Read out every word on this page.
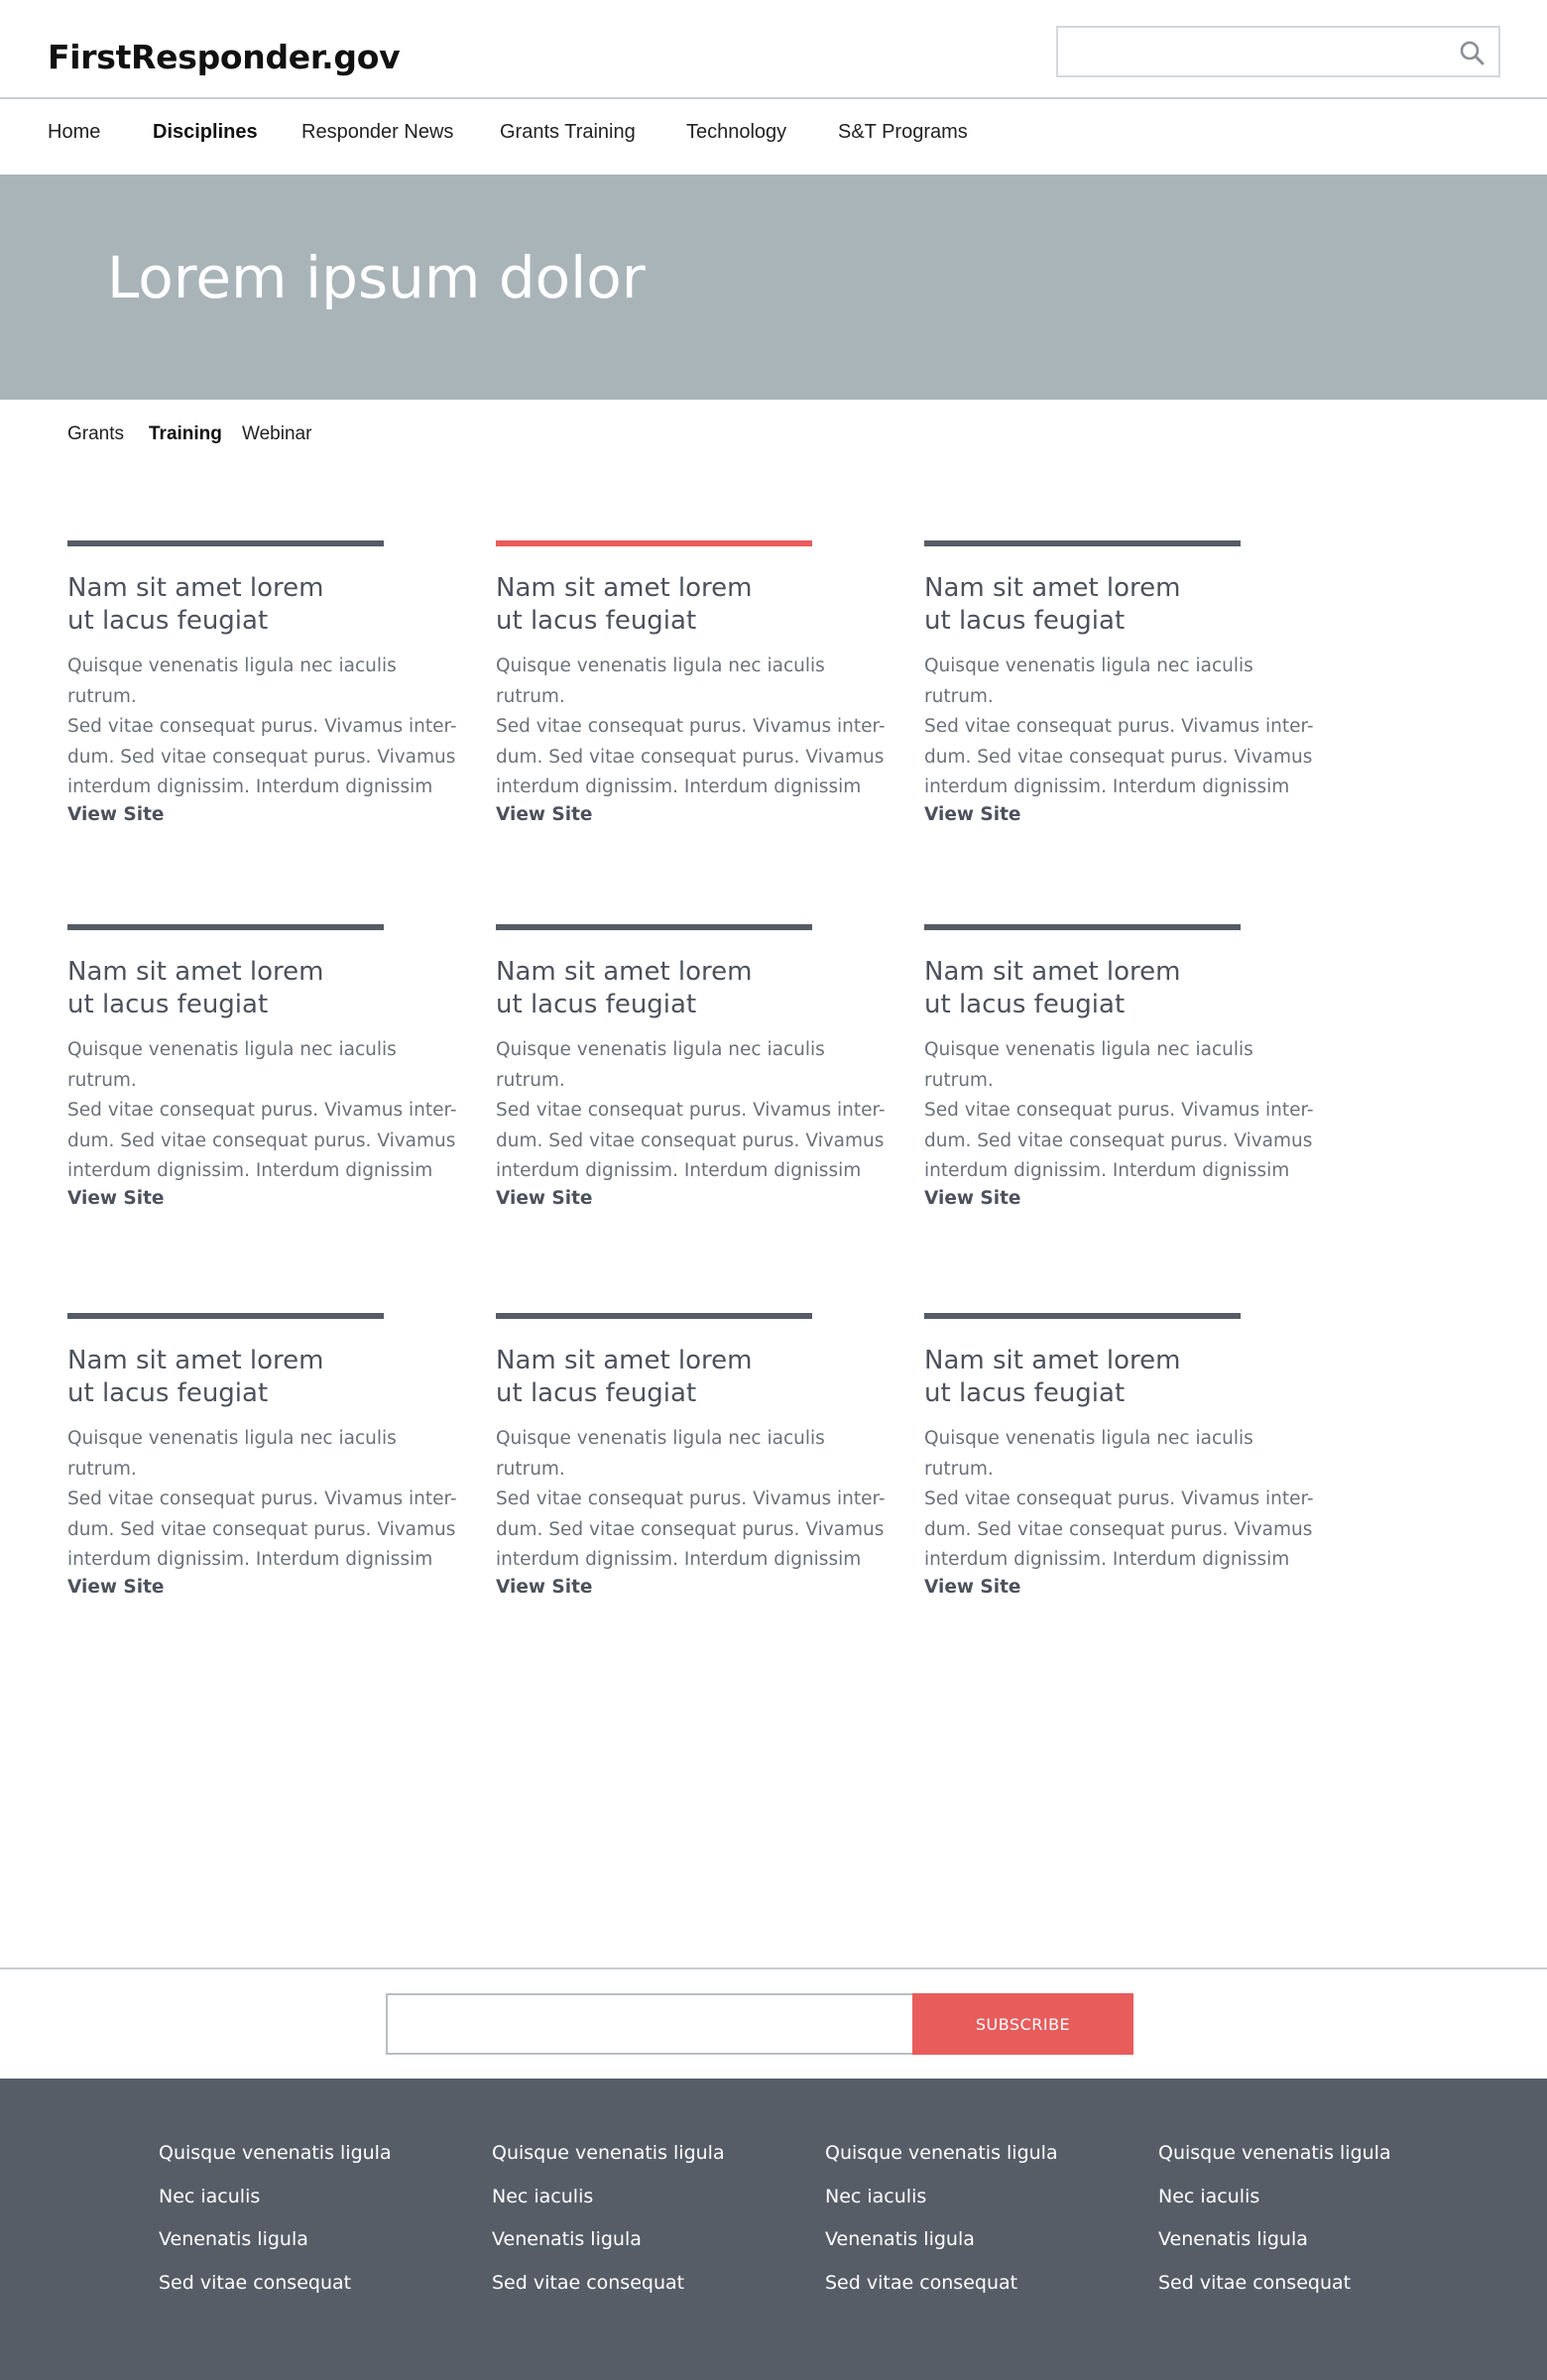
FirstResponder.gov
Home	Disciplines Responder News Grants Training	Technology	S&T Programs
Lorem ipsum dolor
Grants Training Webinar
Nam sit amet lorem
ut lacus feugiat
Quisque venenatis ligula nec iaculis rutrum.
Sed vitae consequat purus. Vivamus inter-
dum. Sed vitae consequat purus. Vivamus
interdum dignissim. Interdum dignissim
View Site
Nam sit amet lorem
ut lacus feugiat
Quisque venenatis ligula nec iaculis rutrum.
Sed vitae consequat purus. Vivamus inter-
dum. Sed vitae consequat purus. Vivamus
interdum dignissim. Interdum dignissim
View Site
Nam sit amet lorem
ut lacus feugiat
Quisque venenatis ligula nec iaculis rutrum.
Sed vitae consequat purus. Vivamus inter-
dum. Sed vitae consequat purus. Vivamus
interdum dignissim. Interdum dignissim
View Site
Nam sit amet lorem
ut lacus feugiat
Quisque venenatis ligula nec iaculis rutrum.
Sed vitae consequat purus. Vivamus inter-
dum. Sed vitae consequat purus. Vivamus
interdum dignissim. Interdum dignissim
View Site
Nam sit amet lorem
ut lacus feugiat
Quisque venenatis ligula nec iaculis rutrum.
Sed vitae consequat purus. Vivamus inter-
dum. Sed vitae consequat purus. Vivamus
interdum dignissim. Interdum dignissim
View Site
Nam sit amet lorem
ut lacus feugiat
Quisque venenatis ligula nec iaculis rutrum.
Sed vitae consequat purus. Vivamus inter-
dum. Sed vitae consequat purus. Vivamus
interdum dignissim. Interdum dignissim
View Site
Nam sit amet lorem
ut lacus feugiat
Quisque venenatis ligula nec iaculis rutrum.
Sed vitae consequat purus. Vivamus inter-
dum. Sed vitae consequat purus. Vivamus
interdum dignissim. Interdum dignissim
View Site
Nam sit amet lorem
ut lacus feugiat
Quisque venenatis ligula nec iaculis rutrum.
Sed vitae consequat purus. Vivamus inter-
dum. Sed vitae consequat purus. Vivamus
interdum dignissim. Interdum dignissim
View Site
Nam sit amet lorem
ut lacus feugiat
Quisque venenatis ligula nec iaculis rutrum.
Sed vitae consequat purus. Vivamus inter-
dum. Sed vitae consequat purus. Vivamus
interdum dignissim. Interdum dignissim
View Site
SUBSCRIBE
Quisque venenatis ligula
Nec iaculis
Venenatis ligula
Sed vitae consequat
Quisque venenatis ligula
Nec iaculis
Venenatis ligula
Sed vitae consequat
Quisque venenatis ligula
Nec iaculis
Venenatis ligula
Sed vitae consequat
Quisque venenatis ligula
Nec iaculis
Venenatis ligula
Sed vitae consequat
